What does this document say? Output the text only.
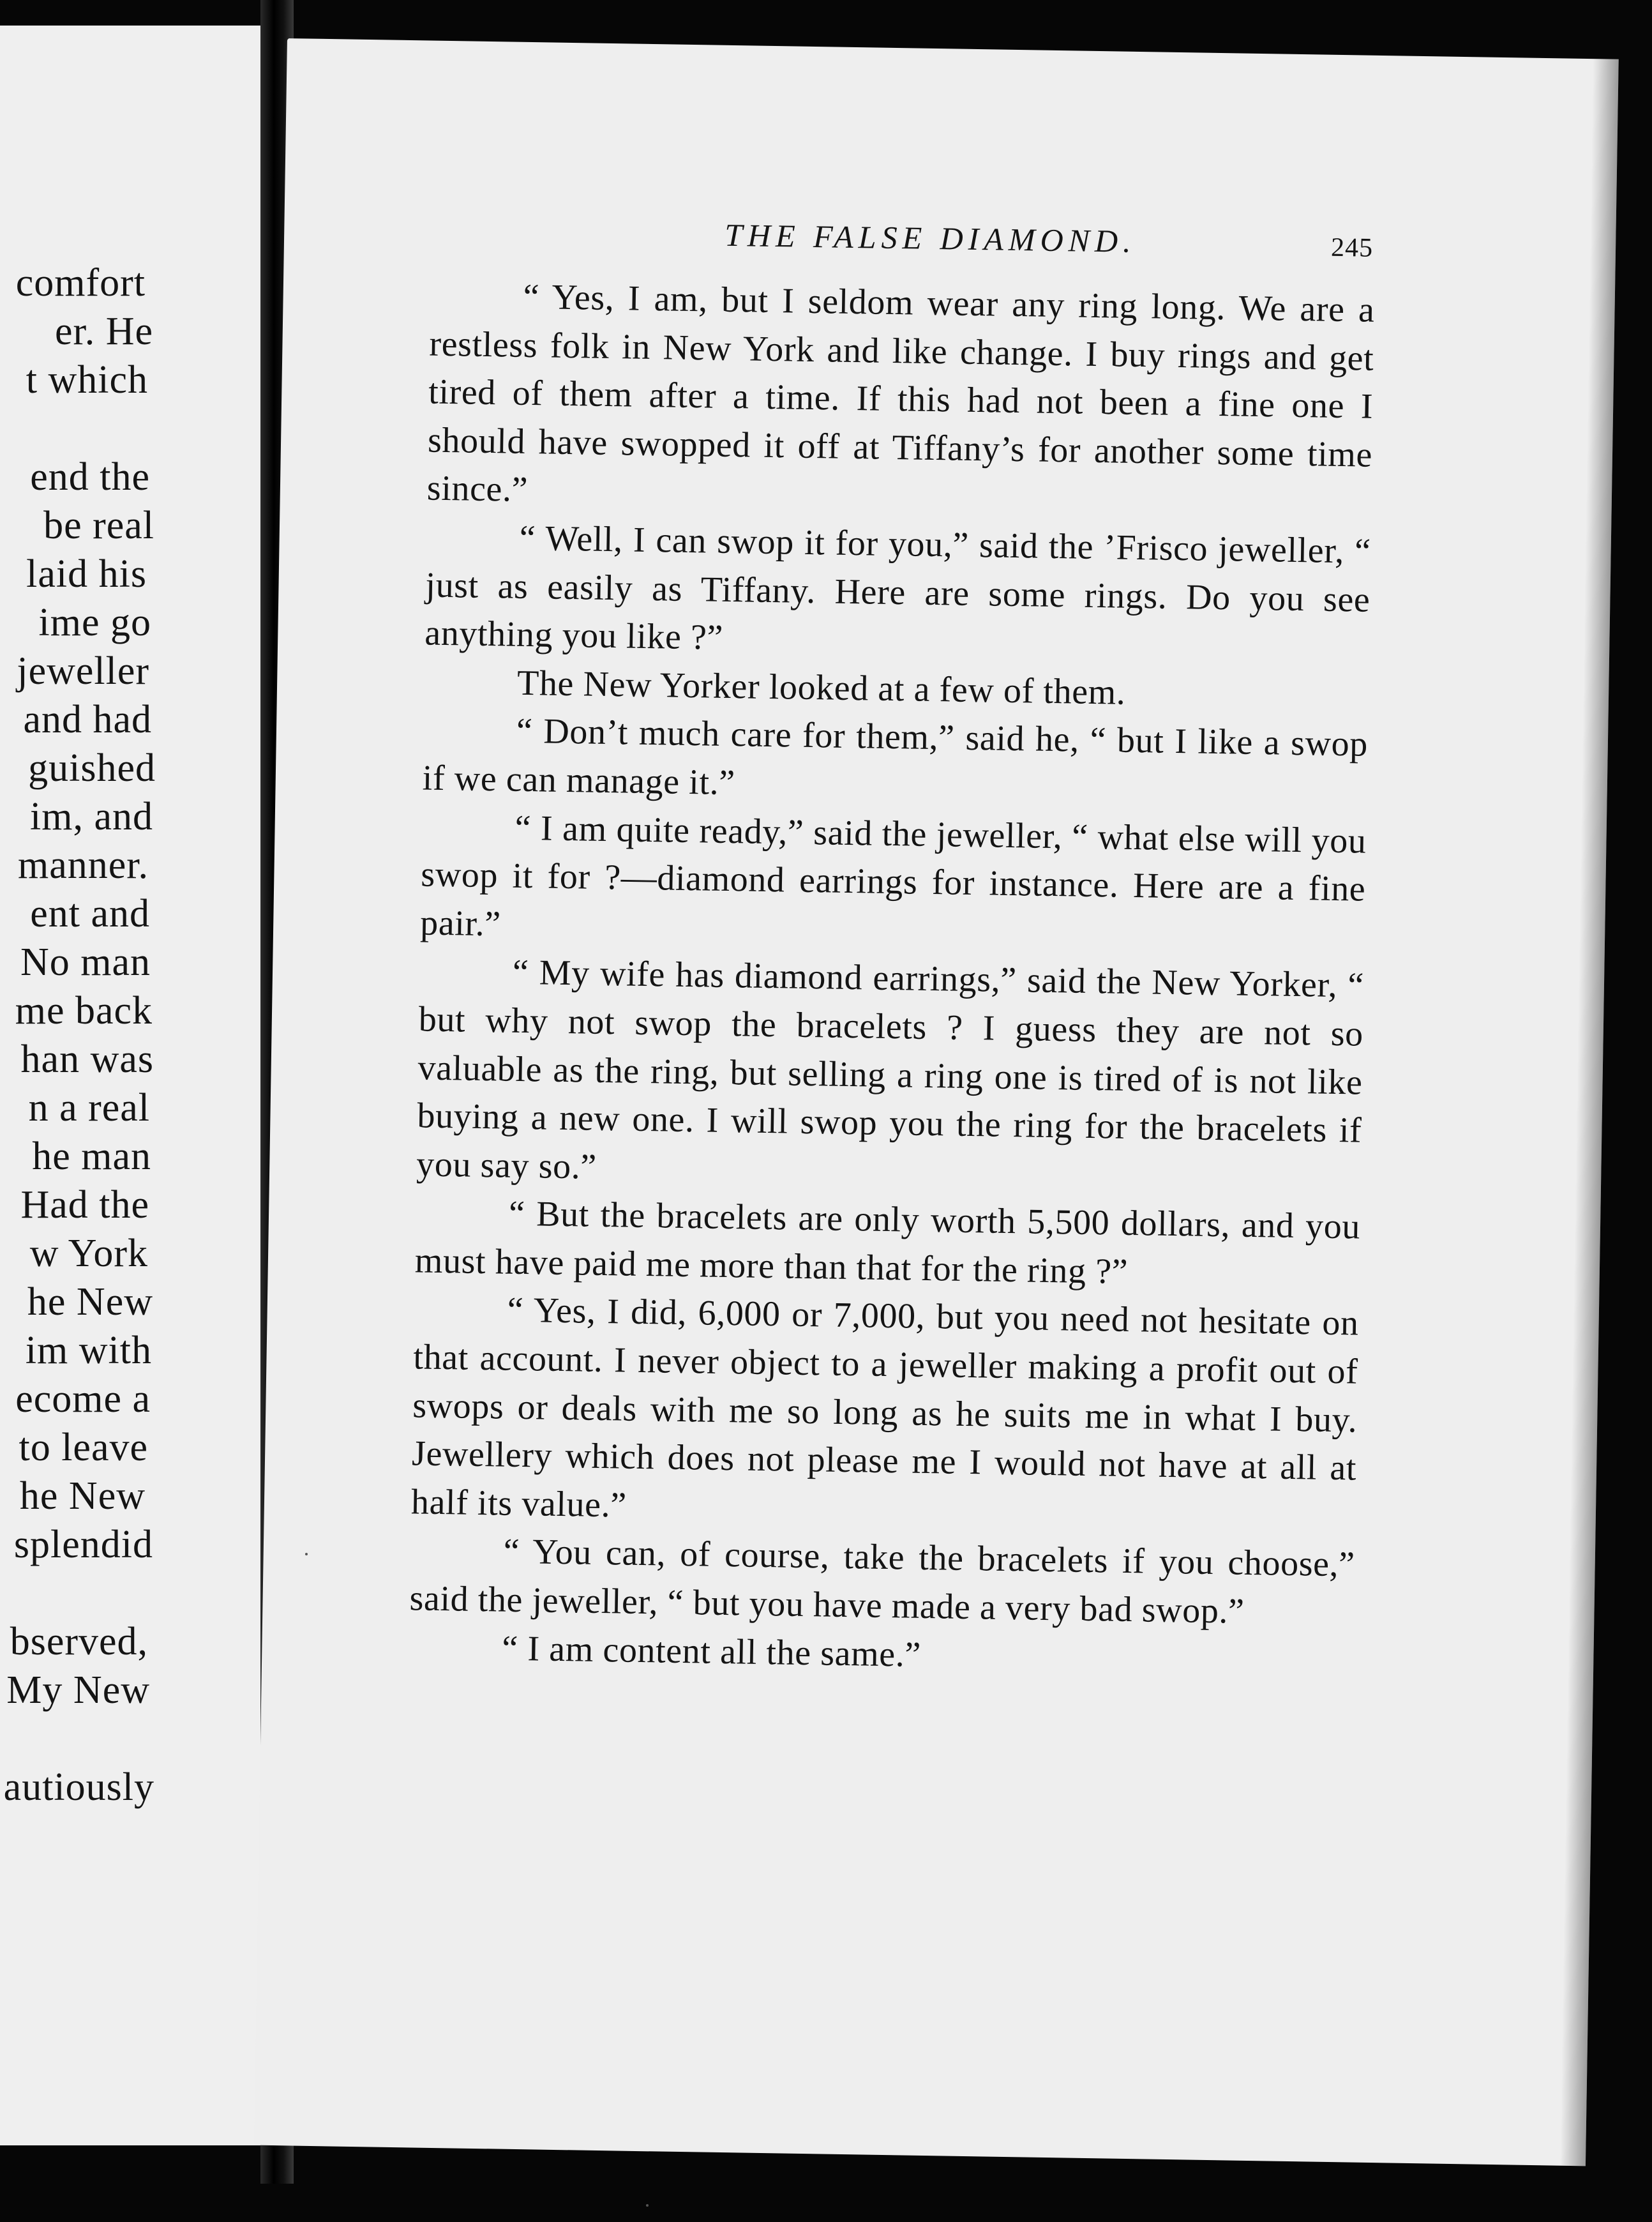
comfort
er. He
t which
end the
be real
laid his
ime go
jeweller
and had
guished
im, and
manner.
ent and
No man
me back
han was
n a real
he man
Had the
w York
he New
im with
ecome a
to leave
he New
splendid
bserved,
My New
autiously
THE FALSE DIAMOND.	245

“ Yes, I am, but I seldom wear any ring long. We are a restless folk in New York and like change. I buy rings and get tired of them after a time. If this had not been a fine one I should have swopped it off at Tiffany’s for another some time since.”

“ Well, I can swop it for you,” said the ’Frisco jeweller, “ just as easily as Tiffany. Here are some rings. Do you see anything you like ?”

The New Yorker looked at a few of them.

“ Don’t much care for them,” said he, “ but I like a swop if we can manage it.”

“ I am quite ready,” said the jeweller, “ what else will you swop it for ?—diamond earrings for instance. Here are a fine pair.”

“ My wife has diamond earrings,” said the New Yorker, “ but why not swop the bracelets ? I guess they are not so valuable as the ring, but selling a ring one is tired of is not like buying a new one. I will swop you the ring for the bracelets if you say so.”

“ But the bracelets are only worth 5,500 dollars, and you must have paid me more than that for the ring ?”

“ Yes, I did, 6,000 or 7,000, but you need not hesitate on that account. I never object to a jeweller making a profit out of swops or deals with me so long as he suits me in what I buy. Jewellery which does not please me I would not have at all at half its value.”

“ You can, of course, take the bracelets if you choose,” said the jeweller, “ but you have made a very bad swop.”

“ I am content all the same.”
